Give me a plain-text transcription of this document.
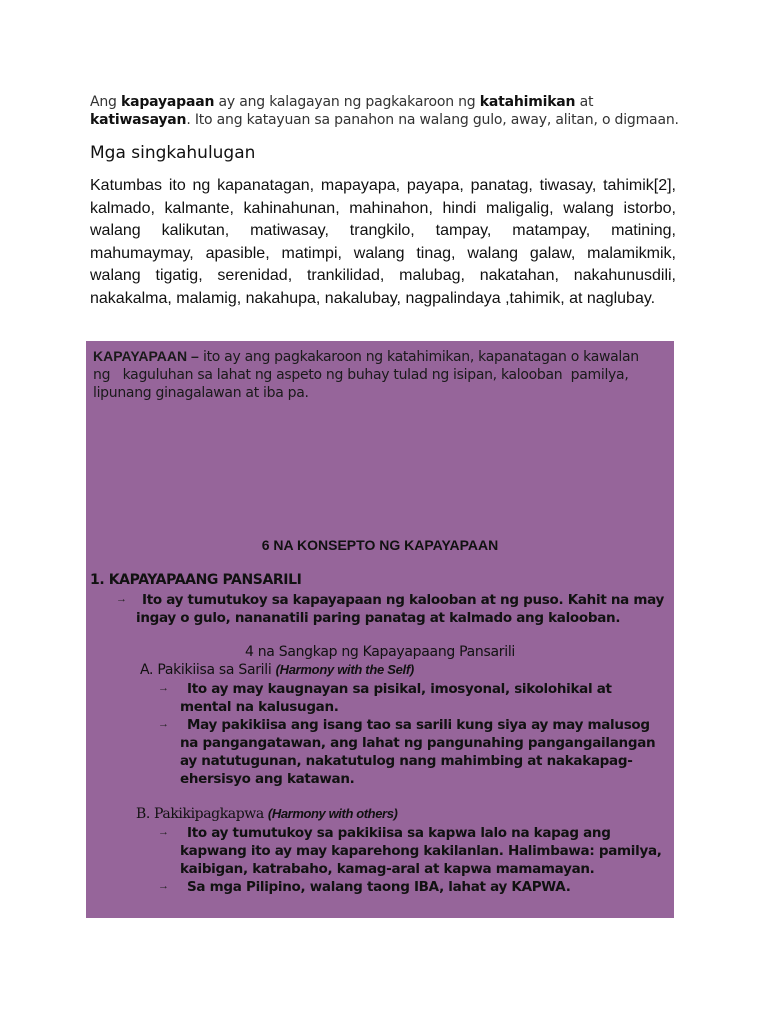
Ang kapayapaan ay ang kalagayan ng pagkakaroon ng katahimikan at katiwasayan. Ito ang katayuan sa panahon na walang gulo, away, alitan, o digmaan.
Mga singkahulugan
Katumbas ito ng kapanatagan, mapayapa, payapa, panatag, tiwasay, tahimik[2], kalmado, kalmante, kahinahunan, mahinahon, hindi maligalig, walang istorbo, walang kalikutan, matiwasay, trangkilo, tampay, matampay, matining, mahumaymay, apasible, matimpi, walang tinag, walang galaw, malamikmik, walang tigatig, serenidad, trankilidad, malubag, nakatahan, nakahunusdili, nakakalma, malamig, nakahupa, nakalubay, nagpalindaya ,tahimik, at naglubay.
KAPAYAPAAN – ito ay ang pagkakaroon ng katahimikan, kapanatagan o kawalan
ng   kaguluhan sa lahat ng aspeto ng buhay tulad ng isipan, kalooban  pamilya,
lipunang ginagalawan at iba pa.
6 NA KONSEPTO NG KAPAYAPAAN
1. KAPAYAPAANG PANSARILI
→ Ito ay tumutukoy sa kapayapaan ng kalooban at ng puso. Kahit na may
ingay o gulo, nananatili paring panatag at kalmado ang kalooban.
4 na Sangkap ng Kapayapaang Pansarili
A. Pakikiisa sa Sarili (Harmony with the Self)
→ Ito ay may kaugnayan sa pisikal, imosyonal, sikolohikal at
mental na kalusugan.
→ May pakikiisa ang isang tao sa sarili kung siya ay may malusog
na pangangatawan, ang lahat ng pangunahing pangangailangan
ay natutugunan, nakatutulog nang mahimbing at nakakapag-
ehersisyo ang katawan.
B. Pakikipagkapwa (Harmony with others)
→ Ito ay tumutukoy sa pakikiisa sa kapwa lalo na kapag ang
kapwang ito ay may kaparehong kakilanlan. Halimbawa: pamilya,
kaibigan, katrabaho, kamag-aral at kapwa mamamayan.
→ Sa mga Pilipino, walang taong IBA, lahat ay KAPWA.
